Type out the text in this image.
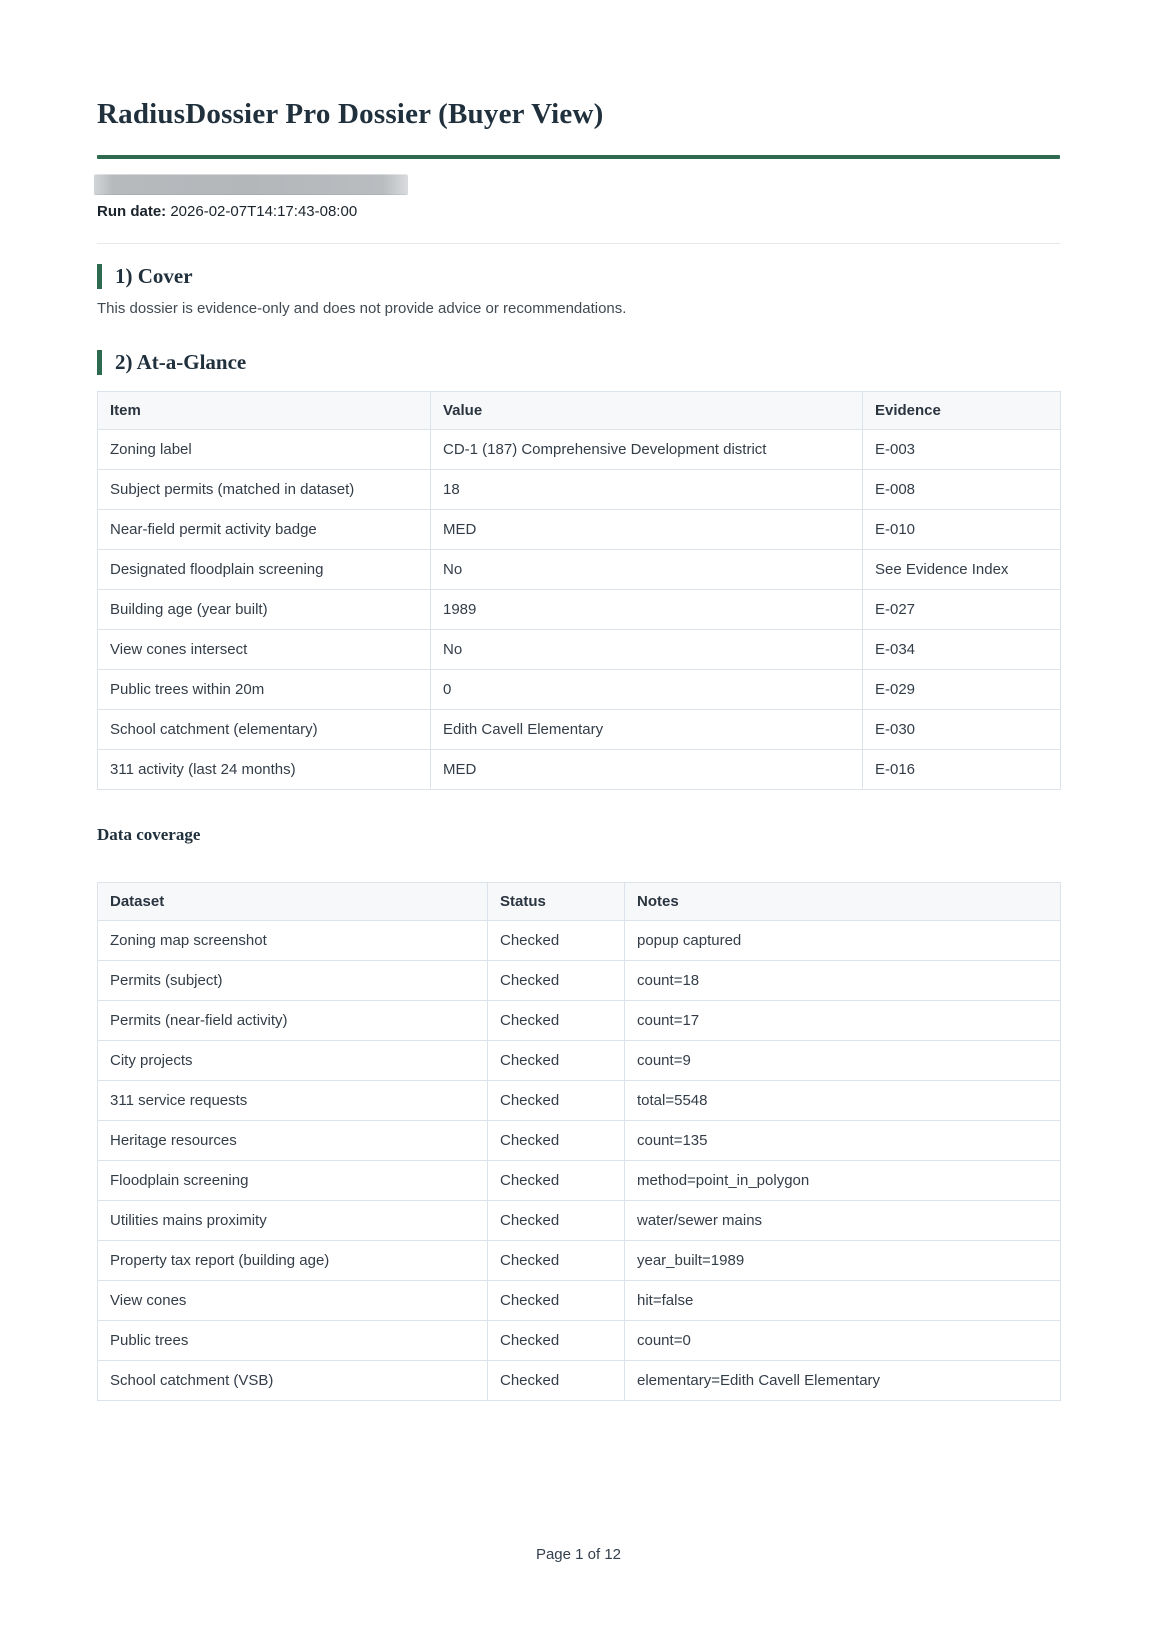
RadiusDossier Pro Dossier (Buyer View)
Run date: 2026-02-07T14:17:43-08:00
1) Cover

This dossier is evidence-only and does not provide advice or recommendations.

2) At-a-Glance
Item	Value	Evidence
Zoning label	CD-1 (187) Comprehensive Development district	E-003
Subject permits (matched in dataset)	18	E-008
Near-field permit activity badge	MED	E-010
Designated floodplain screening	No	See Evidence Index
Building age (year built)	1989	E-027
View cones intersect	No	E-034
Public trees within 20m	0	E-029
School catchment (elementary)	Edith Cavell Elementary	E-030
311 activity (last 24 months)	MED	E-016
Data coverage
Dataset	Status	Notes
Zoning map screenshot	Checked	popup captured
Permits (subject)	Checked	count=18
Permits (near-field activity)	Checked	count=17
City projects	Checked	count=9
311 service requests	Checked	total=5548
Heritage resources	Checked	count=135
Floodplain screening	Checked	method=point_in_polygon
Utilities mains proximity	Checked	water/sewer mains
Property tax report (building age)	Checked	year_built=1989
View cones	Checked	hit=false
Public trees	Checked	count=0
School catchment (VSB)	Checked	elementary=Edith Cavell Elementary
Page 1 of 12
